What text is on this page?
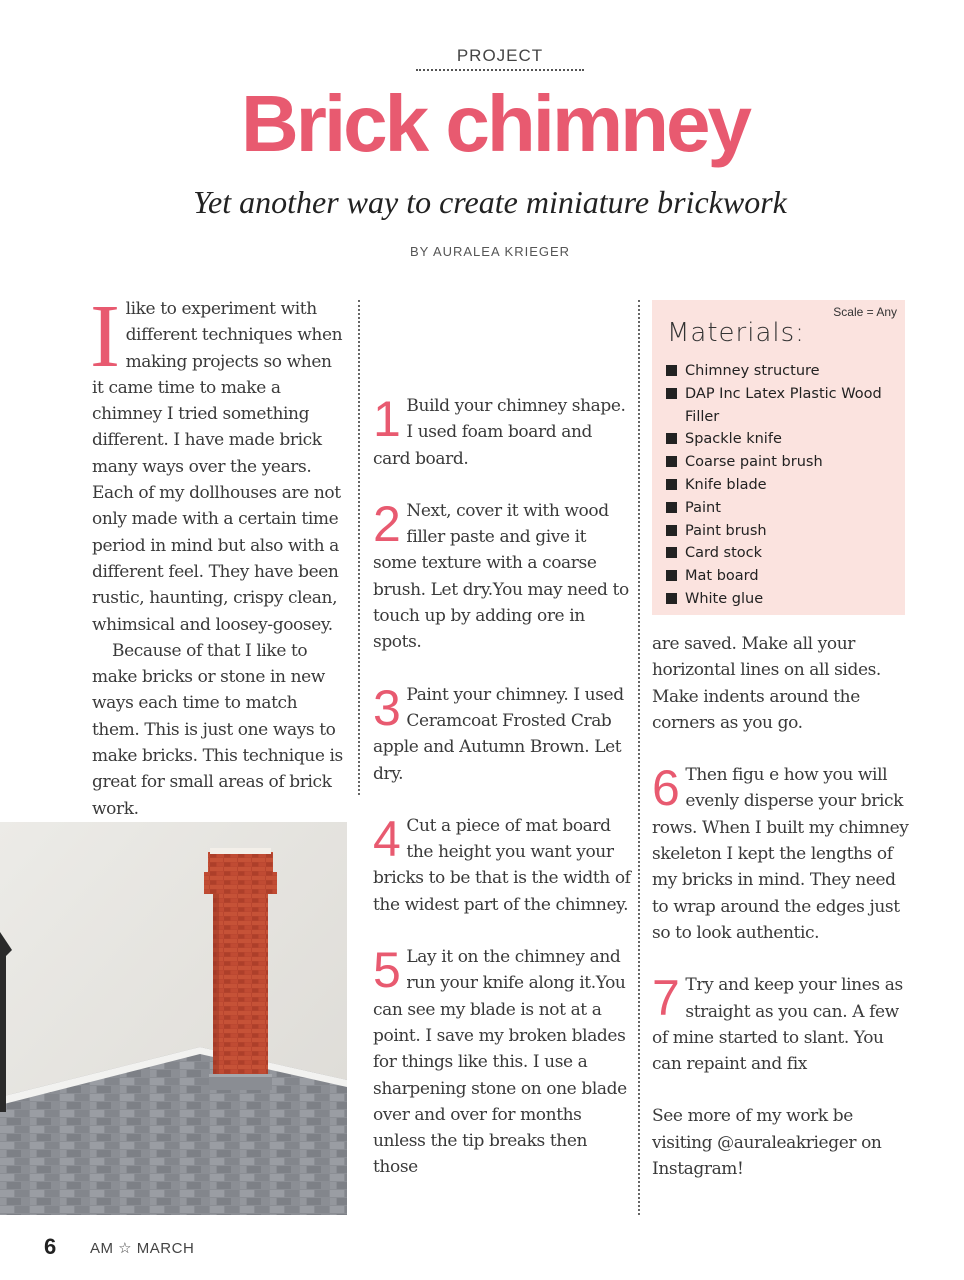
PROJECT
Brick chimney
Yet another way to create miniature brickwork
BY AURALEA KRIEGER

Ilike to experiment with different techniques when making projects so when it came time to make a chimney I tried something different. I have made brick many ways over the years. Each of my dollhouses are not only made with a certain time period in mind but also with a different feel. They have been rustic, haunting, crispy clean, whimsical and loosey-goosey.

Because of that I like to make bricks or stone in new ways each time to match them. This is just one ways to make bricks. This technique is great for small areas of brick work.

1 Build your chimney shape. I used foam board and card board.

2 Next, cover it with wood filler paste and give it some texture with a coarse brush. Let dry.You may need to touch up by adding ore in spots.

3 Paint your chimney. I used Ceramcoat Frosted Crab apple and Autumn Brown. Let dry.

4 Cut a piece of mat board the height you want your bricks to be that is the width of the widest part of the chimney.

5 Lay it on the chimney and run your knife along it.You can see my blade is not at a point. I save my broken blades for things like this. I use a sharpening stone on one blade over and over for months unless the tip breaks then those

Scale = Any
Materials:
Chimney structure
DAP Inc Latex Plastic Wood Filler
Spackle knife
Coarse paint brush
Knife blade
Paint
Paint brush
Card stock
Mat board
White glue

are saved. Make all your horizontal lines on all sides. Make indents around the corners as you go.

6 Then figu e how you will evenly disperse your brick rows. When I built my chimney skeleton I kept the lengths of my bricks in mind. They need to wrap around the edges just so to look authentic.

7 Try and keep your lines as straight as you can. A few of mine started to slant. You can repaint and fix

See more of my work be visiting @auraleakrieger on Instagram!

6 AM ☆ MARCH
